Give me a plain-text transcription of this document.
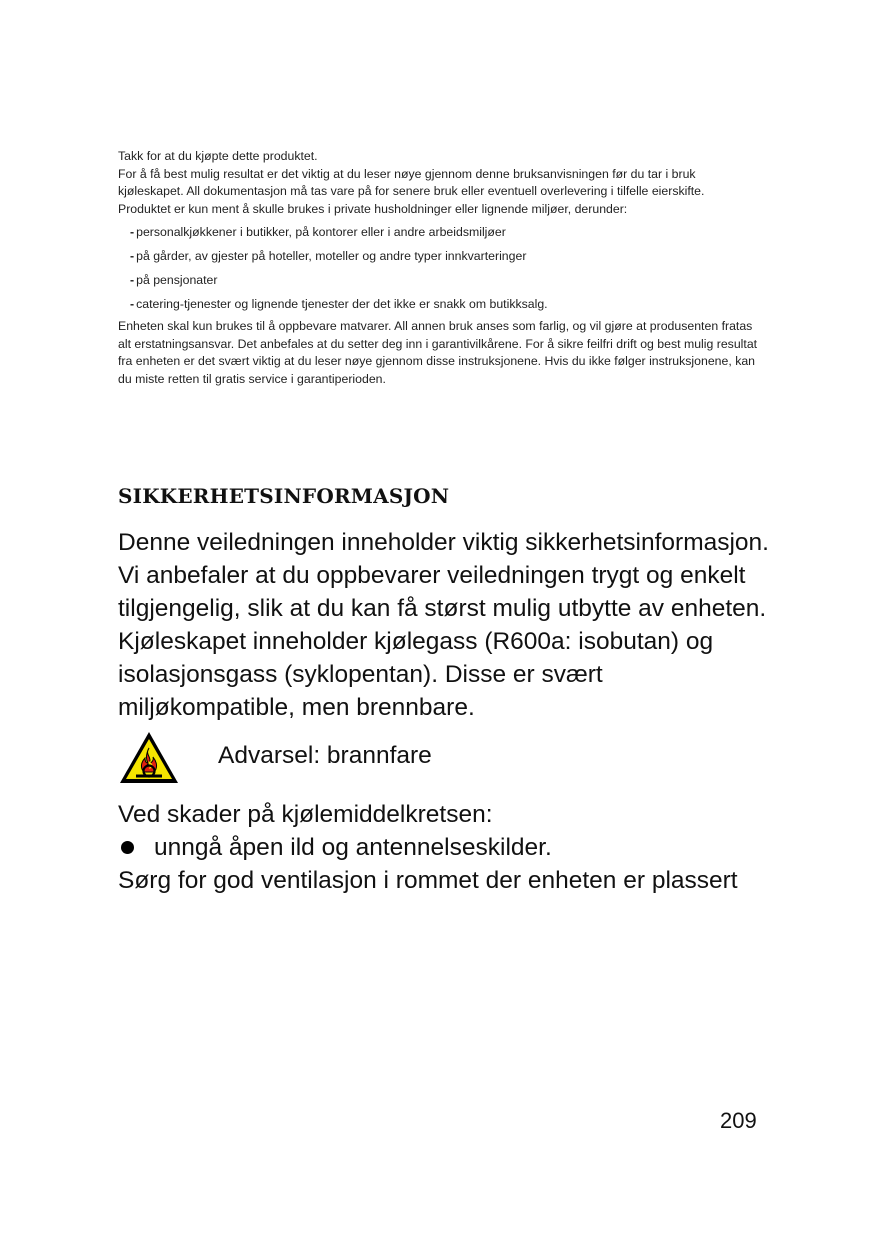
Takk for at du kjøpte dette produktet.

For å få best mulig resultat er det viktig at du leser nøye gjennom denne bruksanvisningen før du tar i bruk kjøleskapet. All dokumentasjon må tas vare på for senere bruk eller eventuell overlevering i tilfelle eierskifte. Produktet er kun ment å skulle brukes i private husholdninger eller lignende miljøer, derunder:

- personalkjøkkener i butikker, på kontorer eller i andre arbeidsmiljøer
- på gårder, av gjester på hoteller, moteller og andre typer innkvarteringer
- på pensjonater
- catering-tjenester og lignende tjenester der det ikke er snakk om butikksalg.

Enheten skal kun brukes til å oppbevare matvarer. All annen bruk anses som farlig, og vil gjøre at produsenten fratas alt erstatningsansvar. Det anbefales at du setter deg inn i garantivilkårene. For å sikre feilfri drift og best mulig resultat fra enheten er det svært viktig at du leser nøye gjennom disse instruksjonene. Hvis du ikke følger instruksjonene, kan du miste retten til gratis service i garantiperioden.

SIKKERHETSINFORMASJON

Denne veiledningen inneholder viktig sikkerhetsinformasjon. Vi anbefaler at du oppbevarer veiledningen trygt og enkelt tilgjengelig, slik at du kan få størst mulig utbytte av enheten.

Kjøleskapet inneholder kjølegass (R600a: isobutan) og isolasjonsgass (syklopentan). Disse er svært miljøkompatible, men brennbare.

Advarsel: brannfare

Ved skader på kjølemiddelkretsen:

unngå åpen ild og antennelseskilder.

Sørg for god ventilasjon i rommet der enheten er plassert

209
